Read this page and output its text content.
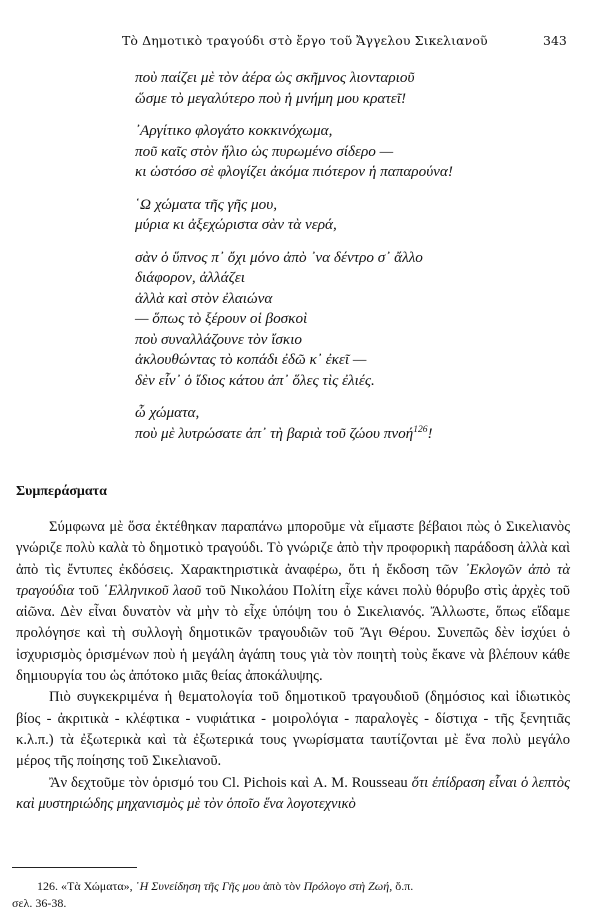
Τὸ Δημοτικὸ τραγούδι στὸ ἔργο τοῦ Ἄγγελου Σικελιανοῦ	343
ποὺ παίζει μὲ τὸν ἀέρα ὡς σκῆμνος λιονταριοῦ
ὥσμε τὸ μεγαλύτερο ποὺ ἡ μνήμη μου κρατεῖ!
᾿Αργίτικο φλογάτο κοκκινόχωμα,
ποῦ καῖς στὸν ἥλιο ὡς πυρωμένο σίδερο —
κι ὡστόσο σὲ φλογίζει ἀκόμα πιότερον ἡ παπαρούνα!
῾Ω χώματα τῆς γῆς μου,
μύρια κι ἀξεχώριστα σὰν τὰ νερά,
σὰν ὁ ὕπνος π᾿ ὄχι μόνο ἀπὸ ᾿να δέντρο σ᾿ ἄλλο
διάφορον, ἀλλάζει
ἀλλὰ καὶ στὸν ἐλαιώνα
— ὅπως τὸ ξέρουν οἱ βοσκοὶ
ποὺ συναλλάζουνε τὸν ἴσκιο
ἀκλουθώντας τὸ κοπάδι ἐδῶ κ᾿ ἐκεῖ —
δὲν εἶν᾿ ὁ ἴδιος κάτου ἀπ᾿ ὅλες τὶς ἐλιές.
ὦ χώματα,
ποὺ μὲ λυτρώσατε ἀπ᾿ τὴ βαριὰ τοῦ ζώου πνοή$^{126}$!
Συμπεράσματα

Σύμφωνα μὲ ὅσα ἐκτέθηκαν παραπάνω μποροῦμε νὰ εἴμαστε βέβαιοι πὼς ὁ Σικελιανὸς γνώριζε πολὺ καλὰ τὸ δημοτικὸ τραγούδι. Τὸ γνώριζε ἀπὸ τὴν προφορικὴ παράδοση ἀλλὰ καὶ ἀπὸ τὶς ἔντυπες ἐκδόσεις. Χαρακτηριστικὰ ἀναφέρω, ὅτι ἡ ἔκδοση τῶν ᾿Εκλογῶν ἀπὸ τὰ τραγούδια τοῦ ῾Ελληνικοῦ λαοῦ τοῦ Νικολάου Πολίτη εἶχε κάνει πολὺ θόρυβο στὶς ἀρχὲς τοῦ αἰῶνα. Δὲν εἶναι δυνατὸν νὰ μὴν τὸ εἶχε ὑπόψη του ὁ Σικελιανός. Ἄλλωστε, ὅπως εἴδαμε προλόγησε καὶ τὴ συλλογὴ δημοτικῶν τραγουδιῶν τοῦ Ἄγι Θέρου. Συνεπῶς δὲν ἰσχύει ὁ ἰσχυρισμὸς ὁρισμένων ποὺ ἡ μεγάλη ἀγάπη τους γιὰ τὸν ποιητὴ τοὺς ἔκανε νὰ βλέπουν κάθε δημιουργία του ὡς ἀπότοκο μιᾶς θείας ἀποκάλυψης.

Πιὸ συγκεκριμένα ἡ θεματολογία τοῦ δημοτικοῦ τραγουδιοῦ (δημόσιος καὶ ἰδιωτικὸς βίος - ἀκριτικὰ - κλέφτικα - νυφιάτικα - μοιρολόγια - παραλογὲς - δίστιχα - τῆς ξενητιᾶς κ.λ.π.) τὰ ἐξωτερικὰ καὶ τὰ ἐξωτερικά τους γνωρίσματα ταυτίζονται μὲ ἕνα πολὺ μεγάλο μέρος τῆς ποίησης τοῦ Σικελιανοῦ.

Ἂν δεχτοῦμε τὸν ὁρισμό του Cl. Pichois καὶ A. M. Rousseau ὅτι ἐπίδραση εἶναι ὁ λεπτὸς καὶ μυστηριώδης μηχανισμὸς μὲ τὸν ὁποῖο ἕνα λογοτεχνικὸ

126. «Τὰ Χώματα», ῾Η Συνείδηση τῆς Γῆς μου ἀπὸ τὸν Πρόλογο στὴ Ζωή, ὅ.π.
σελ. 36-38.
